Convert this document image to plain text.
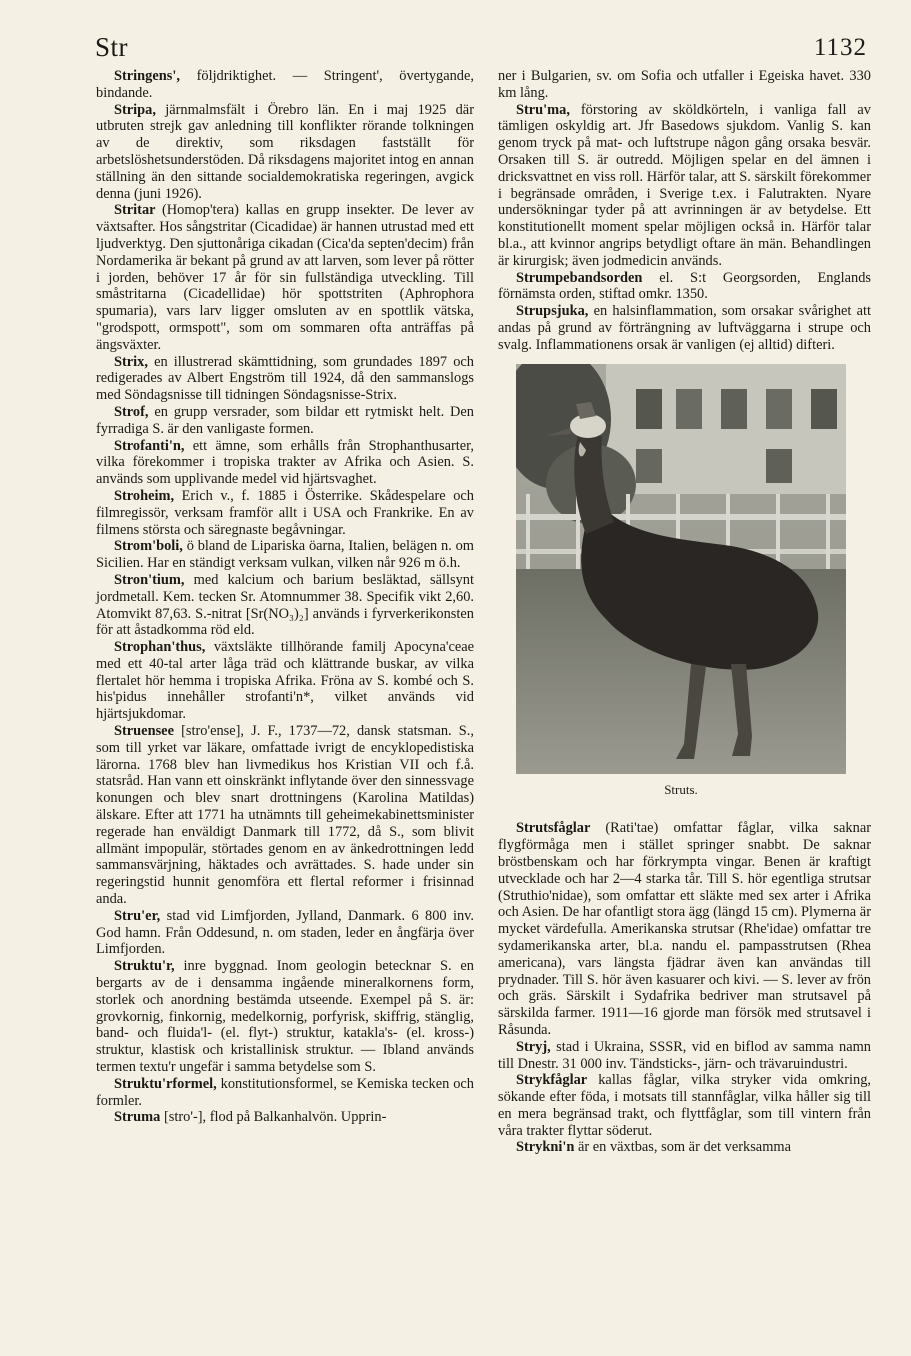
Str	1132

Stringens', följdriktighet. — Stringent', övertygande, bindande.

Stripa, järnmalmsfält i Örebro län. En i maj 1925 där utbruten strejk gav anledning till konflikter rörande tolkningen av de direktiv, som riksdagen fastställt för arbetslöshetsunderstöden. Då riksdagens majoritet intog en annan ställning än den sittande socialdemokratiska regeringen, avgick denna (juni 1926).

Stritar (Homop'tera) kallas en grupp insekter. De lever av växtsafter. Hos sångstritar (Cicadidae) är hannen utrustad med ett ljudverktyg. Den sjuttonåriga cikadan (Cica'da septen'decim) från Nordamerika är bekant på grund av att larven, som lever på rötter i jorden, behöver 17 år för sin fullständiga utveckling. Till småstritarna (Cicadellidae) hör spottstriten (Aphrophora spumaria), vars larv ligger omsluten av en spottlik vätska, "grodspott, ormspott", som om sommaren ofta anträffas på ängsväxter.

Strix, en illustrerad skämttidning, som grundades 1897 och redigerades av Albert Engström till 1924, då den sammanslogs med Söndagsnisse till tidningen Söndagsnisse-Strix.

Strof, en grupp versrader, som bildar ett rytmiskt helt. Den fyrradiga S. är den vanligaste formen.

Strofanti'n, ett ämne, som erhålls från Strophanthusarter, vilka förekommer i tropiska trakter av Afrika och Asien. S. används som upplivande medel vid hjärtsvaghet.

Stroheim, Erich v., f. 1885 i Österrike. Skådespelare och filmregissör, verksam framför allt i USA och Frankrike. En av filmens största och säregnaste begåvningar.

Strom'boli, ö bland de Lipariska öarna, Italien, belägen n. om Sicilien. Har en ständigt verksam vulkan, vilken når 926 m ö.h.

Stron'tium, med kalcium och barium besläktad, sällsynt jordmetall. Kem. tecken Sr. Atomnummer 38. Specifik vikt 2,60. Atomvikt 87,63. S.-nitrat [Sr(NO₃)₂] används i fyrverkerikonsten för att åstadkomma röd eld.

Strophan'thus, växtsläkte tillhörande familj Apocyna'ceae med ett 40-tal arter låga träd och klättrande buskar, av vilka flertalet hör hemma i tropiska Afrika. Fröna av S. kombé och S. his'pidus innehåller strofanti'n*, vilket används vid hjärtsjukdomar.

Struensee [stro'ense], J. F., 1737—72, dansk statsman. S., som till yrket var läkare, omfattade ivrigt de encyklopedistiska lärorna. 1768 blev han livmedikus hos Kristian VII och f.å. statsråd. Han vann ett oinskränkt inflytande över den sinnessvage konungen och blev snart drottningens (Karolina Matildas) älskare. Efter att 1771 ha utnämnts till geheimekabinettsminister regerade han enväldigt Danmark till 1772, då S., som blivit allmänt impopulär, störtades genom en av änkedrottningen ledd sammansvärjning, häktades och avrättades. S. hade under sin regeringstid hunnit genomföra ett flertal reformer i frisinnad anda.

Stru'er, stad vid Limfjorden, Jylland, Danmark. 6 800 inv. God hamn. Från Oddesund, n. om staden, leder en ångfärja över Limfjorden.

Struktu'r, inre byggnad. Inom geologin betecknar S. en bergarts av de i densamma ingående mineralkornens form, storlek och anordning bestämda utseende. Exempel på S. är: grovkornig, finkornig, medelkornig, porfyrisk, skiffrig, stänglig, band- och fluida'l- (el. flyt-) struktur, katakla's- (el. kross-) struktur, klastisk och kristallinisk struktur. — Ibland används termen textu'r ungefär i samma betydelse som S.

Struktu'rformel, konstitutionsformel, se Kemiska tecken och formler.

Struma [stro'-], flod på Balkanhalvön. Upprin-

ner i Bulgarien, sv. om Sofia och utfaller i Egeiska havet. 330 km lång.

Stru'ma, förstoring av sköldkörteln, i vanliga fall av tämligen oskyldig art. Jfr Basedows sjukdom. Vanlig S. kan genom tryck på mat- och luftstrupe någon gång orsaka besvär. Orsaken till S. är outredd. Möjligen spelar en del ämnen i dricksvattnet en viss roll. Härför talar, att S. särskilt förekommer i begränsade områden, i Sverige t.ex. i Falutrakten. Nyare undersökningar tyder på att avrinningen är av betydelse. Ett konstitutionellt moment spelar möjligen också in. Härför talar bl.a., att kvinnor angrips betydligt oftare än män. Behandlingen är kirurgisk; även jodmedicin används.

Strumpebandsorden el. S:t Georgsorden, Englands förnämsta orden, stiftad omkr. 1350.

Strupsjuka, en halsinflammation, som orsakar svårighet att andas på grund av förträngning av luftväggarna i strupe och svalg. Inflammationens orsak är vanligen (ej alltid) difteri.

Struts.

Strutsfåglar (Rati'tae) omfattar fåglar, vilka saknar flygförmåga men i stället springer snabbt. De saknar bröstbenskam och har förkrympta vingar. Benen är kraftigt utvecklade och har 2—4 starka tår. Till S. hör egentliga strutsar (Struthio'nidae), som omfattar ett släkte med sex arter i Afrika och Asien. De har ofantligt stora ägg (längd 15 cm). Plymerna är mycket värdefulla. Amerikanska strutsar (Rhe'idae) omfattar tre sydamerikanska arter, bl.a. nandu el. pampasstrutsen (Rhea americana), vars längsta fjädrar även kan användas till prydnader. Till S. hör även kasuarer och kivi. — S. lever av frön och gräs. Särskilt i Sydafrika bedriver man strutsavel på särskilda farmer. 1911—16 gjorde man försök med strutsavel i Råsunda.

Stryj, stad i Ukraina, SSSR, vid en biflod av samma namn till Dnestr. 31 000 inv. Tändsticks-, järn- och trävaruindustri.

Strykfåglar kallas fåglar, vilka stryker vida omkring, sökande efter föda, i motsats till stannfåglar, vilka håller sig till en mera begränsad trakt, och flyttfåglar, som till vintern från våra trakter flyttar söderut.

Strykni'n är en växtbas, som är det verksamma
